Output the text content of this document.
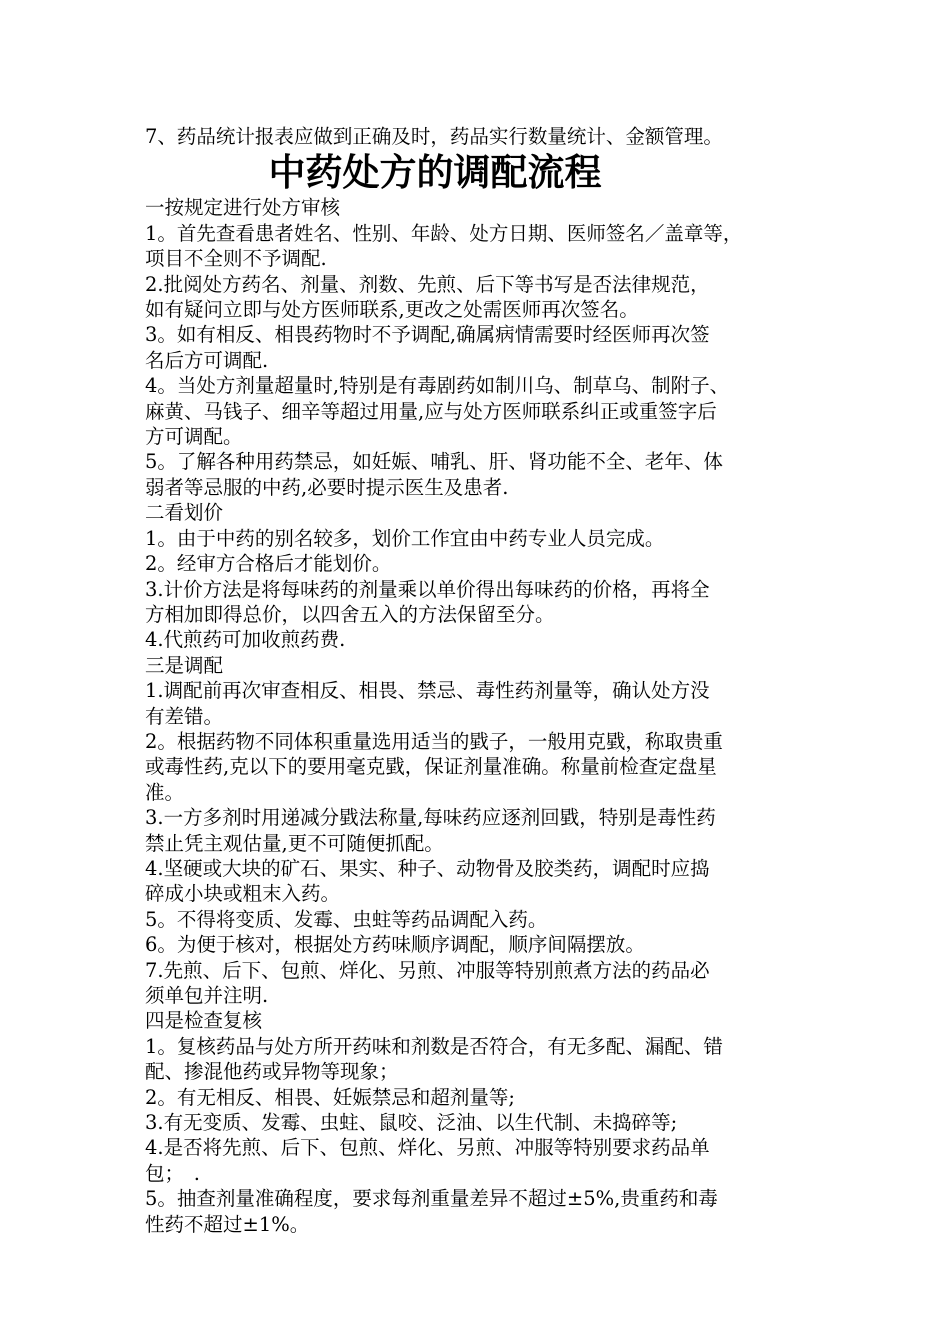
7、药品统计报表应做到正确及时，药品实行数量统计、金额管理。

中药处方的调配流程

一按规定进行处方审核

1。首先查看患者姓名、性别、年龄、处方日期、医师签名／盖章等，

项目不全则不予调配.

2.批阅处方药名、剂量、剂数、先煎、后下等书写是否法律规范，

如有疑问立即与处方医师联系,更改之处需医师再次签名。

3。如有相反、相畏药物时不予调配,确属病情需要时经医师再次签

名后方可调配.

4。当处方剂量超量时,特别是有毒剧药如制川乌、制草乌、制附子、

麻黄、马钱子、细辛等超过用量,应与处方医师联系纠正或重签字后

方可调配。

5。了解各种用药禁忌，如妊娠、哺乳、肝、肾功能不全、老年、体

弱者等忌服的中药,必要时提示医生及患者.

二看划价

1。由于中药的别名较多，划价工作宜由中药专业人员完成。

2。经审方合格后才能划价。

3.计价方法是将每味药的剂量乘以单价得出每味药的价格，再将全

方相加即得总价，以四舍五入的方法保留至分。

4.代煎药可加收煎药费.

三是调配

1.调配前再次审查相反、相畏、禁忌、毒性药剂量等，确认处方没

有差错。

2。根据药物不同体积重量选用适当的戥子，一般用克戥，称取贵重

或毒性药,克以下的要用毫克戥，保证剂量准确。称量前检查定盘星

准。

3.一方多剂时用递减分戥法称量,每味药应逐剂回戥，特别是毒性药

禁止凭主观估量,更不可随便抓配。

4.坚硬或大块的矿石、果实、种子、动物骨及胶类药，调配时应捣

碎成小块或粗末入药。

5。不得将变质、发霉、虫蛀等药品调配入药。

6。为便于核对，根据处方药味顺序调配，顺序间隔摆放。

7.先煎、后下、包煎、烊化、另煎、冲服等特别煎煮方法的药品必

须单包并注明.

四是检查复核

1。复核药品与处方所开药味和剂数是否符合，有无多配、漏配、错

配、掺混他药或异物等现象；

2。有无相反、相畏、妊娠禁忌和超剂量等;

3.有无变质、发霉、虫蛀、鼠咬、泛油、以生代制、未捣碎等;

4.是否将先煎、后下、包煎、烊化、另煎、冲服等特别要求药品单

包；　.

5。抽查剂量准确程度，要求每剂重量差异不超过±5%,贵重药和毒

性药不超过±1%。
